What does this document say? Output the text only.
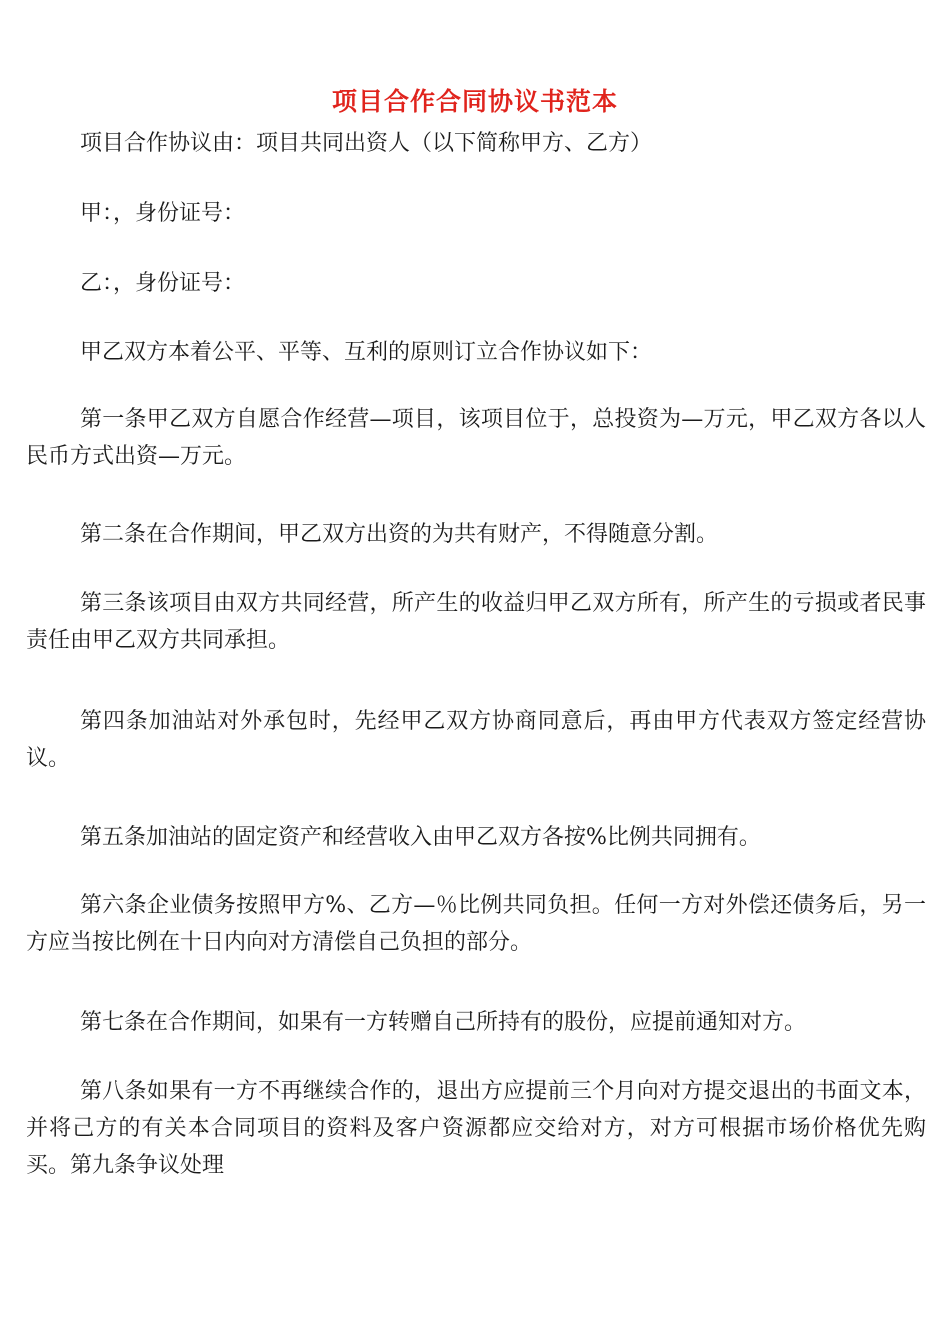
项目合作合同协议书范本
项目合作协议由：项目共同出资人（以下简称甲方、乙方）
甲：，身份证号：
乙：，身份证号：
甲乙双方本着公平、平等、互利的原则订立合作协议如下：
第一条甲乙双方自愿合作经营—项目，该项目位于，总投资为—万元，甲乙双方各以人民币方式出资—万元。
第二条在合作期间，甲乙双方出资的为共有财产，不得随意分割。
第三条该项目由双方共同经营，所产生的收益归甲乙双方所有，所产生的亏损或者民事责任由甲乙双方共同承担。
第四条加油站对外承包时，先经甲乙双方协商同意后，再由甲方代表双方签定经营协议。
第五条加油站的固定资产和经营收入由甲乙双方各按%比例共同拥有。
第六条企业债务按照甲方%、乙方—％比例共同负担。任何一方对外偿还债务后，另一方应当按比例在十日内向对方清偿自己负担的部分。
第七条在合作期间，如果有一方转赠自己所持有的股份，应提前通知对方。
第八条如果有一方不再继续合作的，退出方应提前三个月向对方提交退出的书面文本，并将己方的有关本合同项目的资料及客户资源都应交给对方，对方可根据市场价格优先购买。第九条争议处理
